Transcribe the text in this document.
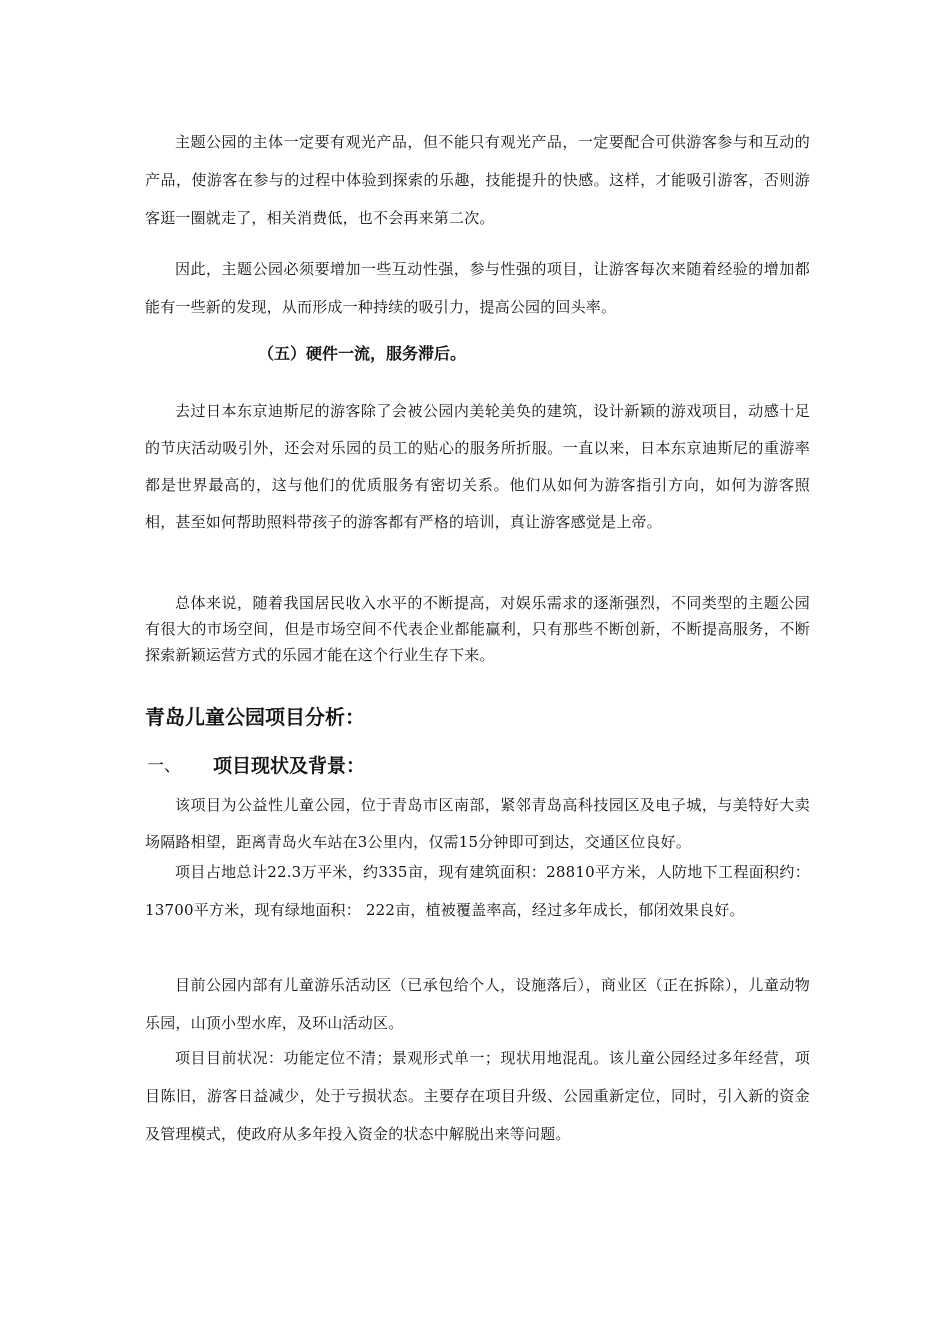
主题公园的主体一定要有观光产品，但不能只有观光产品，一定要配合可供游客参与和互动的产品，使游客在参与的过程中体验到探索的乐趣，技能提升的快感。这样，才能吸引游客，否则游客逛一圈就走了，相关消费低，也不会再来第二次。

因此，主题公园必须要增加一些互动性强，参与性强的项目，让游客每次来随着经验的增加都能有一些新的发现，从而形成一种持续的吸引力，提高公园的回头率。

（五）硬件一流，服务滞后。

去过日本东京迪斯尼的游客除了会被公园内美轮美奂的建筑，设计新颖的游戏项目，动感十足的节庆活动吸引外，还会对乐园的员工的贴心的服务所折服。一直以来，日本东京迪斯尼的重游率都是世界最高的，这与他们的优质服务有密切关系。他们从如何为游客指引方向，如何为游客照相，甚至如何帮助照料带孩子的游客都有严格的培训，真让游客感觉是上帝。

总体来说，随着我国居民收入水平的不断提高，对娱乐需求的逐渐强烈，不同类型的主题公园有很大的市场空间，但是市场空间不代表企业都能赢利，只有那些不断创新，不断提高服务，不断探索新颖运营方式的乐园才能在这个行业生存下来。

青岛儿童公园项目分析：
一、 项目现状及背景：

该项目为公益性儿童公园，位于青岛市区南部，紧邻青岛高科技园区及电子城，与美特好大卖场隔路相望，距离青岛火车站在3公里内，仅需15分钟即可到达，交通区位良好。

项目占地总计22.3万平米，约335亩，现有建筑面积：28810平方米，人防地下工程面积约：13700平方米，现有绿地面积： 222亩，植被覆盖率高，经过多年成长，郁闭效果良好。

目前公园内部有儿童游乐活动区（已承包给个人，设施落后），商业区（正在拆除），儿童动物乐园，山顶小型水库，及环山活动区。

项目目前状况：功能定位不清；景观形式单一；现状用地混乱。该儿童公园经过多年经营，项目陈旧，游客日益减少，处于亏损状态。主要存在项目升级、公园重新定位，同时，引入新的资金及管理模式，使政府从多年投入资金的状态中解脱出来等问题。
